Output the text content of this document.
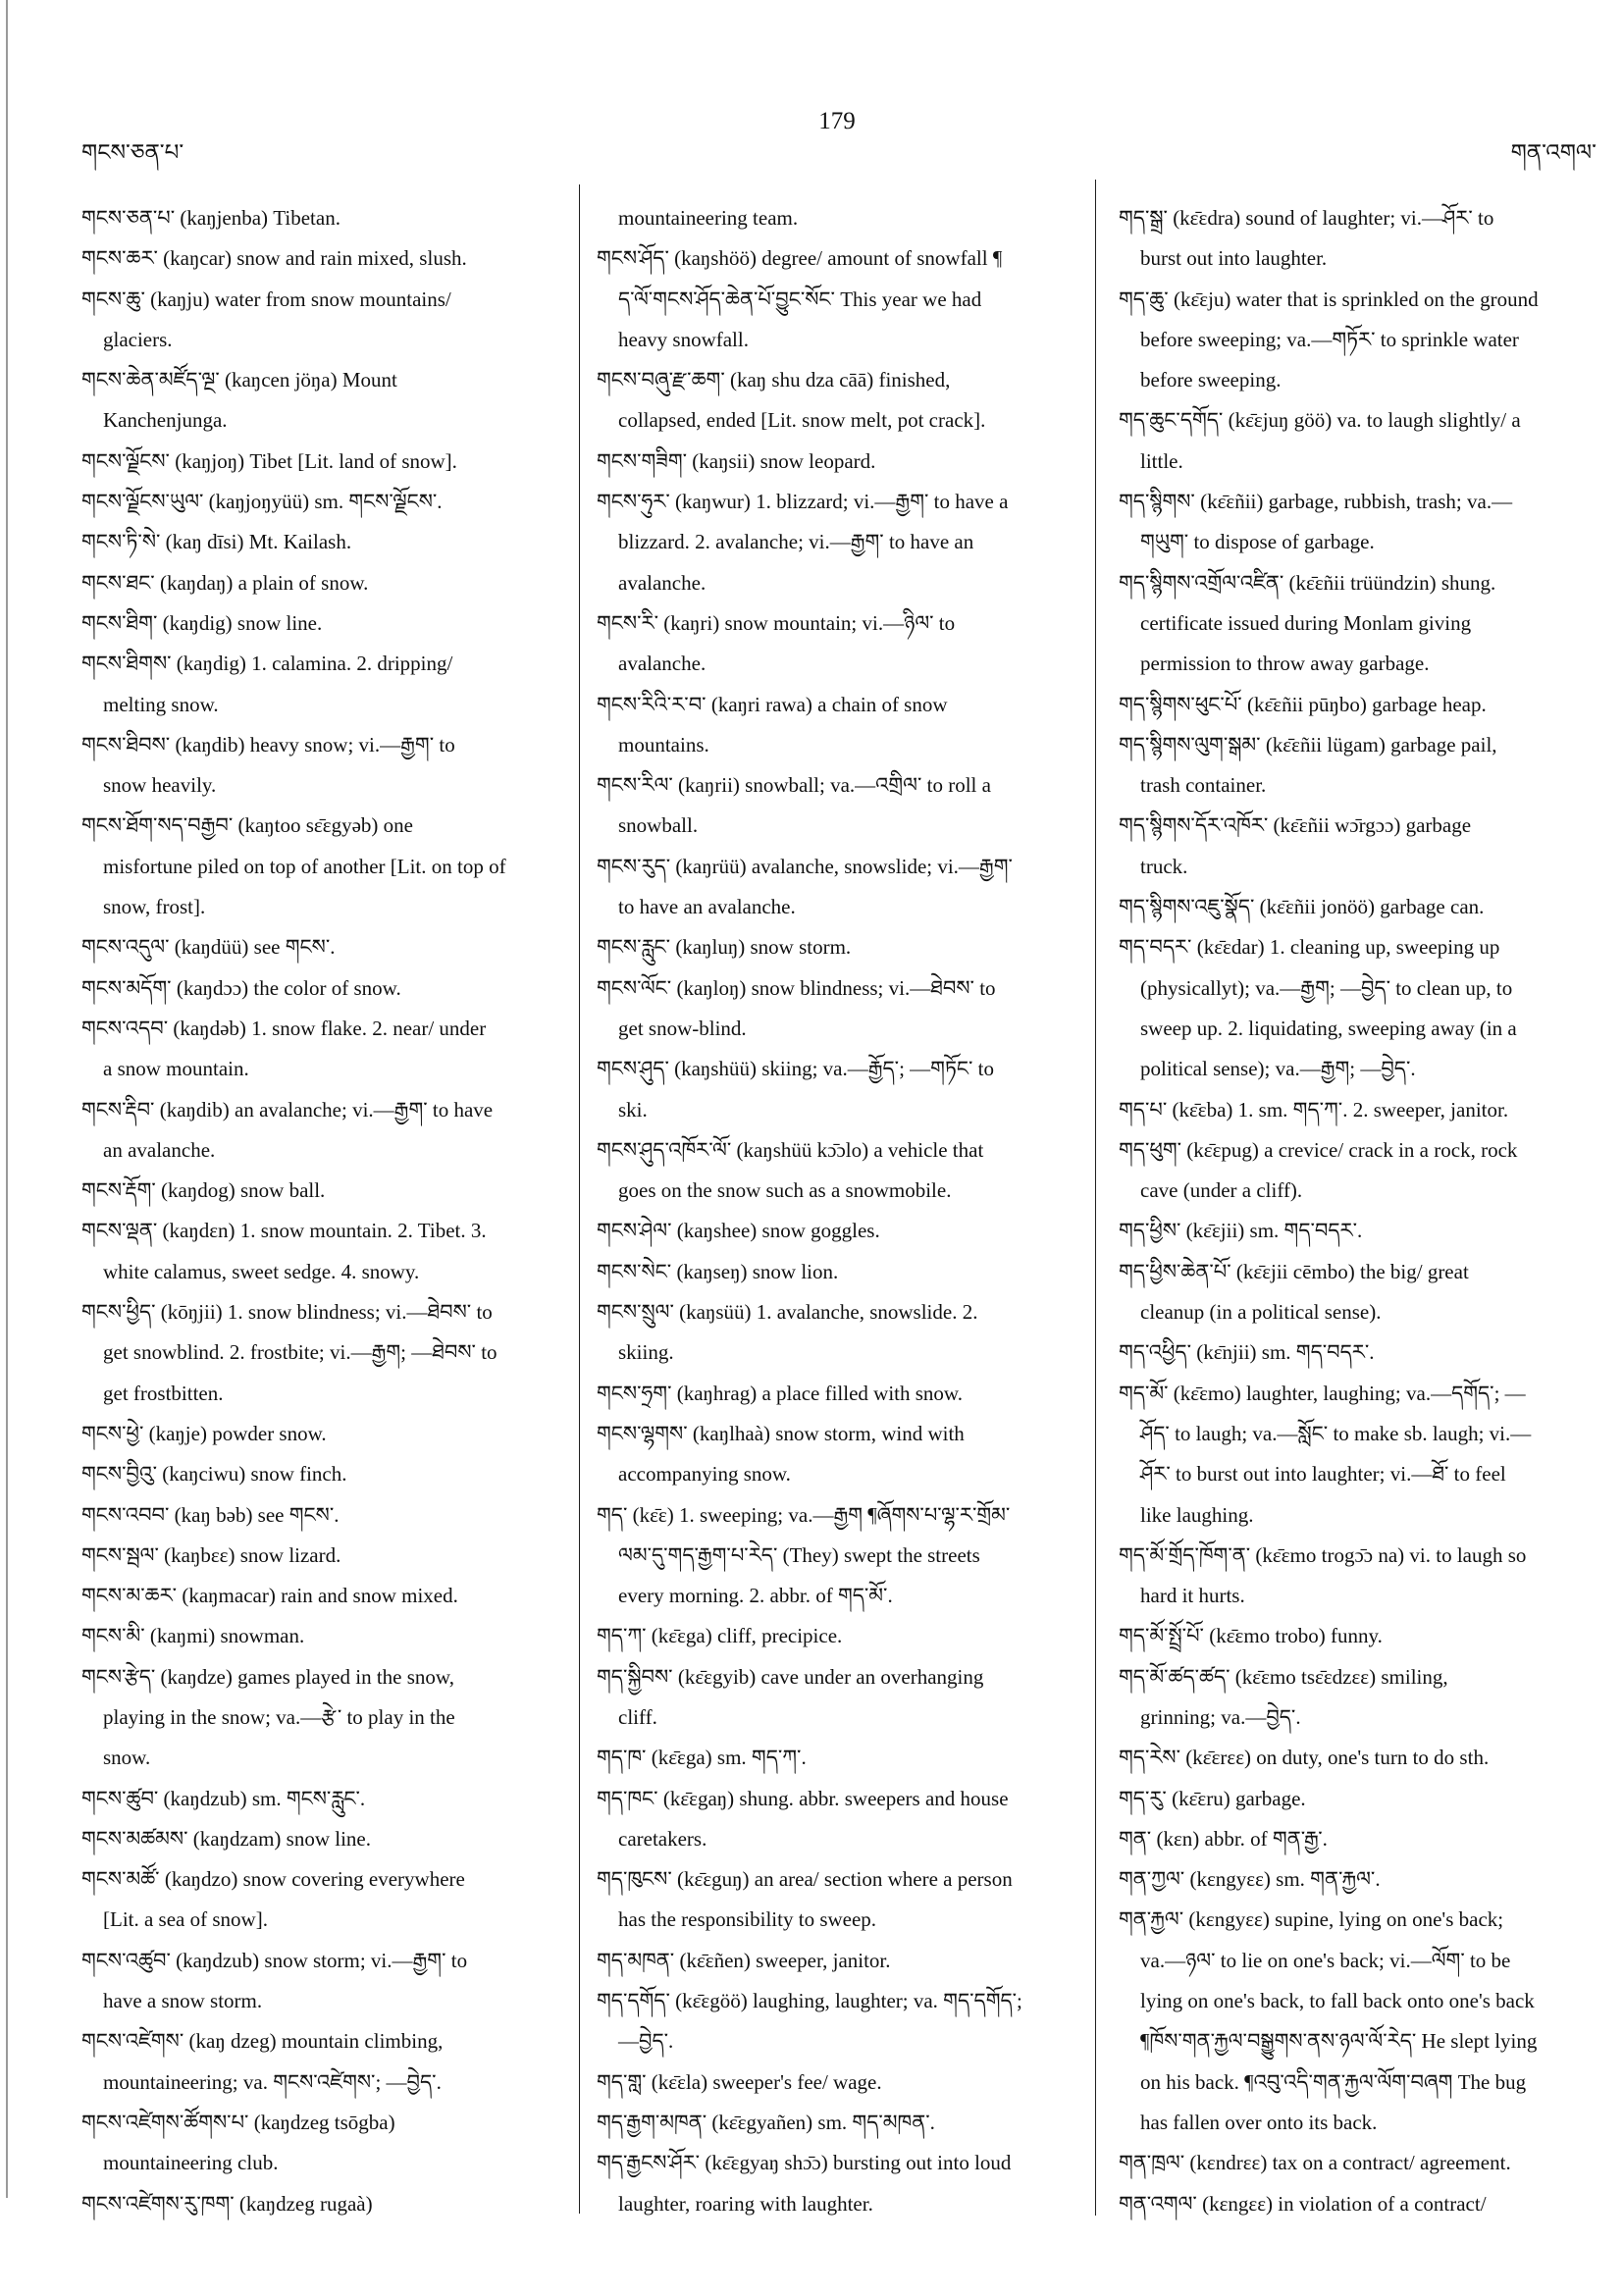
གངས་ཅན་པ་
179
གན་འགལ་
གངས་ཅན་པ་ (kaŋjenba) Tibetan.
གངས་ཆར་ (kaŋcar) snow and rain mixed, slush.
གངས་ཆུ་ (kaŋju) water from snow mountains/
glaciers.
གངས་ཆེན་མཛོད་ལྔ་ (kaŋcen jöŋa) Mount
Kanchenjunga.
གངས་ལྗོངས་ (kaŋjoŋ) Tibet [Lit. land of snow].
གངས་ལྗོངས་ཡུལ་ (kaŋjoŋyüü) sm. གངས་ལྗོངས་.
གངས་ཏི་སེ་ (kaŋ dīsi) Mt. Kailash.
གངས་ཐང་ (kaŋdaŋ) a plain of snow.
གངས་ཐིག་ (kaŋdig) snow line.
གངས་ཐིགས་ (kaŋdig) 1. calamina. 2. dripping/
melting snow.
གངས་ཐིབས་ (kaŋdib) heavy snow; vi.—རྒྱག་ to
snow heavily.
གངས་ཐོག་སད་བརྒྱབ་ (kaŋtoo sɛ̄ɛgyəb) one
misfortune piled on top of another [Lit. on top of
snow, frost].
གངས་འདུལ་ (kaŋdüü) see གངས་.
གངས་མདོག་ (kaŋdɔɔ) the color of snow.
གངས་འདབ་ (kaŋdəb) 1. snow flake. 2. near/ under
a snow mountain.
གངས་རྡིབ་ (kaŋdib) an avalanche; vi.—རྒྱག་ to have
an avalanche.
གངས་རྡོག་ (kaŋdog) snow ball.
གངས་ལྡན་ (kaŋdɛn) 1. snow mountain. 2. Tibet. 3.
white calamus, sweet sedge. 4. snowy.
གངས་ཕྱིད་ (kōŋjii) 1. snow blindness; vi.—ཐེབས་ to
get snowblind. 2. frostbite; vi.—རྒྱག; —ཐེབས་ to
get frostbitten.
གངས་ཕྱེ་ (kaŋje) powder snow.
གངས་བྱིའུ་ (kaŋciwu) snow finch.
གངས་འབབ་ (kaŋ bəb) see གངས་.
གངས་སྦལ་ (kaŋbɛɛ) snow lizard.
གངས་མ་ཆར་ (kaŋmacar) rain and snow mixed.
གངས་མི་ (kaŋmi) snowman.
གངས་རྩེད་ (kaŋdze) games played in the snow,
playing in the snow; va.—རྩེ་ to play in the
snow.
གངས་ཚུབ་ (kaŋdzub) sm. གངས་རླུང་.
གངས་མཚམས་ (kaŋdzam) snow line.
གངས་མཚོ་ (kaŋdzo) snow covering everywhere
[Lit. a sea of snow].
གངས་འཚུབ་ (kaŋdzub) snow storm; vi.—རྒྱག་ to
have a snow storm.
གངས་འཛེགས་ (kaŋ dzeg) mountain climbing,
mountaineering; va. གངས་འཛེགས་; —བྱེད་.
གངས་འཛེགས་ཚོགས་པ་ (kaŋdzeg tsōgba)
mountaineering club.
གངས་འཛེགས་རུ་ཁག་ (kaŋdzeg rugaà)
mountaineering team.
གངས་ཤོད་ (kaŋshöö) degree/ amount of snowfall ¶
ད་ལོ་གངས་ཤོད་ཆེན་པོ་བྱུང་སོང་ This year we had
heavy snowfall.
གངས་བཞུ་རྫ་ཆག་ (kaŋ shu dza cāā) finished,
collapsed, ended [Lit. snow melt, pot crack].
གངས་གཟིག་ (kaŋsii) snow leopard.
གངས་ཧུར་ (kaŋwur) 1. blizzard; vi.—རྒྱག་ to have a
blizzard. 2. avalanche; vi.—རྒྱག་ to have an
avalanche.
གངས་རི་ (kaŋri) snow mountain; vi.—ཉིལ་ to
avalanche.
གངས་རིའི་ར་བ་ (kaŋri rawa) a chain of snow
mountains.
གངས་རིལ་ (kaŋrii) snowball; va.—འགྲིལ་ to roll a
snowball.
གངས་རུད་ (kaŋrüü) avalanche, snowslide; vi.—རྒྱག་
to have an avalanche.
གངས་རླུང་ (kaŋluŋ) snow storm.
གངས་ལོང་ (kaŋloŋ) snow blindness; vi.—ཐེབས་ to
get snow-blind.
གངས་ཤུད་ (kaŋshüü) skiing; va.—རྒྱོད་; —གཏོང་ to
ski.
གངས་ཤུད་འཁོར་ལོ་ (kaŋshüü kɔ̄ɔlo) a vehicle that
goes on the snow such as a snowmobile.
གངས་ཤེལ་ (kaŋshee) snow goggles.
གངས་སེང་ (kaŋseŋ) snow lion.
གངས་སྲུལ་ (kaŋsüü) 1. avalanche, snowslide. 2.
skiing.
གངས་ཧྲག་ (kaŋhrag) a place filled with snow.
གངས་ལྷགས་ (kaŋlhaà) snow storm, wind with
accompanying snow.
གད་ (kɛ̄ɛ) 1. sweeping; va.—རྒྱག ¶ཞོགས་པ་ལྷ་ར་གྲོམ་
ལམ་དུ་གད་རྒྱག་པ་རེད་ (They) swept the streets
every morning. 2. abbr. of གད་མོ་.
གད་ཀ་ (kɛ̄ɛga) cliff, precipice.
གད་སྐྱིབས་ (kɛ̄ɛgyib) cave under an overhanging
cliff.
གད་ཁ་ (kɛ̄ɛga) sm. གད་ཀ་.
གད་ཁང་ (kɛ̄ɛgaŋ) shung. abbr. sweepers and house
caretakers.
གད་ཁུངས་ (kɛ̄ɛguŋ) an area/ section where a person
has the responsibility to sweep.
གད་མཁན་ (kɛ̄ɛñen) sweeper, janitor.
གད་དགོད་ (kɛ̄ɛgöö) laughing, laughter; va. གད་དགོད་;
—བྱེད་.
གད་གླ་ (kɛ̄ɛla) sweeper's fee/ wage.
གད་རྒྱག་མཁན་ (kɛ̄ɛgyañen) sm. གད་མཁན་.
གད་རྒྱངས་ཤོར་ (kɛ̄ɛgyaŋ shɔ̄ɔ) bursting out into loud
laughter, roaring with laughter.
གད་སྒྲ་ (kɛ̄ɛdra) sound of laughter; vi.—ཤོར་ to
burst out into laughter.
གད་ཆུ་ (kɛ̄ɛju) water that is sprinkled on the ground
before sweeping; va.—གཏོར་ to sprinkle water
before sweeping.
གད་ཆུང་དགོད་ (kɛ̄ɛjuŋ göö) va. to laugh slightly/ a
little.
གད་སྙིགས་ (kɛ̄ɛñii) garbage, rubbish, trash; va.—
གཡུག་ to dispose of garbage.
གད་སྙིགས་འགྲོལ་འཛིན་ (kɛ̄ɛñii trüündzin) shung.
certificate issued during Monlam giving
permission to throw away garbage.
གད་སྙིགས་ཕུང་པོ་ (kɛ̄ɛñii pūŋbo) garbage heap.
གད་སྙིགས་ལུག་སྒམ་ (kɛ̄ɛñii lügam) garbage pail,
trash container.
གད་སྙིགས་དོར་འཁོར་ (kɛ̄ɛñii wɔ̄rgɔɔ) garbage
truck.
གད་སྙིགས་འཇུ་སྣོད་ (kɛ̄ɛñii jonöö) garbage can.
གད་བདར་ (kɛ̄ɛdar) 1. cleaning up, sweeping up
(physicallyt); va.—རྒྱག; —བྱེད་ to clean up, to
sweep up. 2. liquidating, sweeping away (in a
political sense); va.—རྒྱག; —བྱེད་.
གད་པ་ (kɛ̄ɛba) 1. sm. གད་ཀ་. 2. sweeper, janitor.
གད་ཕུག་ (kɛ̄ɛpug) a crevice/ crack in a rock, rock
cave (under a cliff).
གད་ཕྱིས་ (kɛ̄ɛjii) sm. གད་བདར་.
གད་ཕྱིས་ཆེན་པོ་ (kɛ̄ɛjii cēmbo) the big/ great
cleanup (in a political sense).
གད་འཕྱིད་ (kɛ̄njii) sm. གད་བདར་.
གད་མོ་ (kɛ̄ɛmo) laughter, laughing; va.—དགོད་; —
ཤོད་ to laugh; va.—སློང་ to make sb. laugh; vi.—
ཤོར་ to burst out into laughter; vi.—ཐོ་ to feel
like laughing.
གད་མོ་གྲོད་ཁོག་ན་ (kɛ̄ɛmo trogɔ̄ɔ na) vi. to laugh so
hard it hurts.
གད་མོ་སྤྲོ་པོ་ (kɛ̄ɛmo trobo) funny.
གད་མོ་ཚད་ཚད་ (kɛ̄ɛmo tsɛ̄ɛdzɛɛ) smiling,
grinning; va.—བྱེད་.
གད་རེས་ (kɛ̄ɛrɛɛ) on duty, one's turn to do sth.
གད་རུ་ (kɛ̄ɛru) garbage.
གན་ (kɛn) abbr. of གན་རྒྱ་.
གན་ཀྱལ་ (kɛngyɛɛ) sm. གན་རྐྱལ་.
གན་རྐྱལ་ (kɛngyɛɛ) supine, lying on one's back;
va.—ཉལ་ to lie on one's back; vi.—ལོག་ to be
lying on one's back, to fall back onto one's back
¶ཁོས་གན་རྐྱལ་བསྒྱུགས་ནས་ཉལ་ལོ་རེད་ He slept lying
on his back. ¶འབུ་འདི་གན་རྐྱལ་ལོག་བཞག The bug
has fallen over onto its back.
གན་ཁྲལ་ (kɛndrɛɛ) tax on a contract/ agreement.
གན་འགལ་ (kɛngɛɛ) in violation of a contract/
